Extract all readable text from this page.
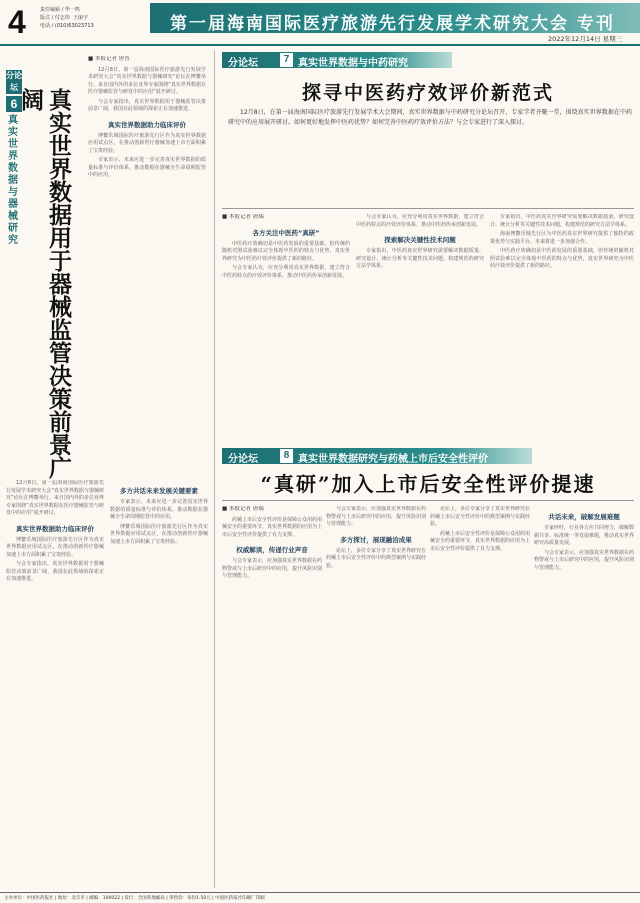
4	责任编辑 / 毕一鸣
版式 / 付志伟  王丽宇
电话 / (010)63023713	第一届海南国际医疗旅游先行发展学术研究大会 专刊
2022年12月14日 星期三
分论坛
6
真实世界数据与器械研究	真实世界数据用于器械监管决策前景广阔
■ 本报记者 唐普

12月8日，第一届海南国际医疗旅游先行发展学术研究大会“真实世界数据与器械研究”论坛在博鳌举行。来自国内外的多位业界专家围绕“真实世界数据在医疗器械监管与研发中的应用”展开研讨。

与会专家指出，真实世界数据用于器械监管决策前景广阔，我国在此领域的探索正在加速推进。

真实世界数据助力临床评价

博鳌乐城国际医疗旅游先行区作为真实世界数据应用试点区，在推动创新医疗器械加速上市方面积累了宝贵经验。

专家表示，未来应进一步完善真实世界数据的质量标准与评价体系，推动数据在器械全生命周期监管中的应用。

12月8日，第一届海南国际医疗旅游先行发展学术研究大会“真实世界数据与器械研究”论坛在博鳌举行。来自国内外的多位业界专家围绕“真实世界数据在医疗器械监管与研发中的应用”展开研讨。

真实世界数据助力临床评价

博鳌乐城国际医疗旅游先行区作为真实世界数据应用试点区，在推动创新医疗器械加速上市方面积累了宝贵经验。

与会专家指出，真实世界数据用于器械监管决策前景广阔，我国在此领域的探索正在加速推进。

多方共话未来发展关键要素

专家表示，未来应进一步完善真实世界数据的质量标准与评价体系，推动数据在器械全生命周期监管中的应用。

博鳌乐城国际医疗旅游先行区作为真实世界数据应用试点区，在推动创新医疗器械加速上市方面积累了宝贵经验。

分论坛	7 真实世界数据与中药研究
探寻中医药疗效评价新范式
12月8日，在第一届海南国际医疗旅游先行发展学术大会期间，真实世界数据与中药研究分论坛召开，专家学者齐聚一堂，围绕真实世界数据在中药研究中的应用展开研讨。如何更好地发挥中医药优势？如何完善中医药疗效评价方法？与会专家进行了深入探讨。
■ 本报记者 唐瑞
各方关注中医药“真研”

中医药疗效确切是中医药发展的重要基础，但传统的随机对照试验难以完全体现中医药的特点与优势，真实世界研究为中医药疗效评价提供了新的路径。

与会专家认为，应充分利用真实世界数据，建立符合中医药特点的疗效评价体系，推动中医药传承创新发展。

与会专家认为，应充分利用真实世界数据，建立符合中医药特点的疗效评价体系，推动中医药传承创新发展。

探索解决关键性技术问题

专家指出，中医药真实世界研究需要解决数据质量、研究设计、统计分析等关键性技术问题，构建规范的研究方法学体系。

专家指出，中医药真实世界研究需要解决数据质量、研究设计、统计分析等关键性技术问题，构建规范的研究方法学体系。

海南博鳌乐城先行区为中医药真实世界研究提供了独特的政策优势与实践平台，未来将进一步加强合作。

中医药疗效确切是中医药发展的重要基础，但传统的随机对照试验难以完全体现中医药的特点与优势，真实世界研究为中医药疗效评价提供了新的路径。

分论坛	8 真实世界数据研究与药械上市后安全性评价
“真研”加入上市后安全性评价提速
■ 本报记者 唐瑞

药械上市后安全性评价是保障公众用药用械安全的重要环节，真实世界数据的应用为上市后安全性评价提供了有力支撑。

权威解读，传递行业声音

与会专家表示，应加强真实世界数据在药物警戒与上市后研究中的应用，提升风险识别与管理能力。

与会专家表示，应加强真实世界数据在药物警戒与上市后研究中的应用，提升风险识别与管理能力。

多方探讨，展现融洽成果

论坛上，多位专家分享了真实世界研究在药械上市后安全性评价中的典型案例与实践经验。

论坛上，多位专家分享了真实世界研究在药械上市后安全性评价中的典型案例与实践经验。

药械上市后安全性评价是保障公众用药用械安全的重要环节，真实世界数据的应用为上市后安全性评价提供了有力支撑。

共话未来，破解发展难题

专家呼吁，行业各方应共同努力，破解数据共享、标准统一等发展难题，推动真实世界研究高质量发展。

与会专家表示，应加强真实世界数据在药物警戒与上市后研究中的应用，提升风险识别与管理能力。

主办单位：中国医药报社 | 地址：北京市 | 邮编：100022 | 发行：全国各地邮局 | 零售价：每份1.50元 | 中国医药报社印刷厂印刷
